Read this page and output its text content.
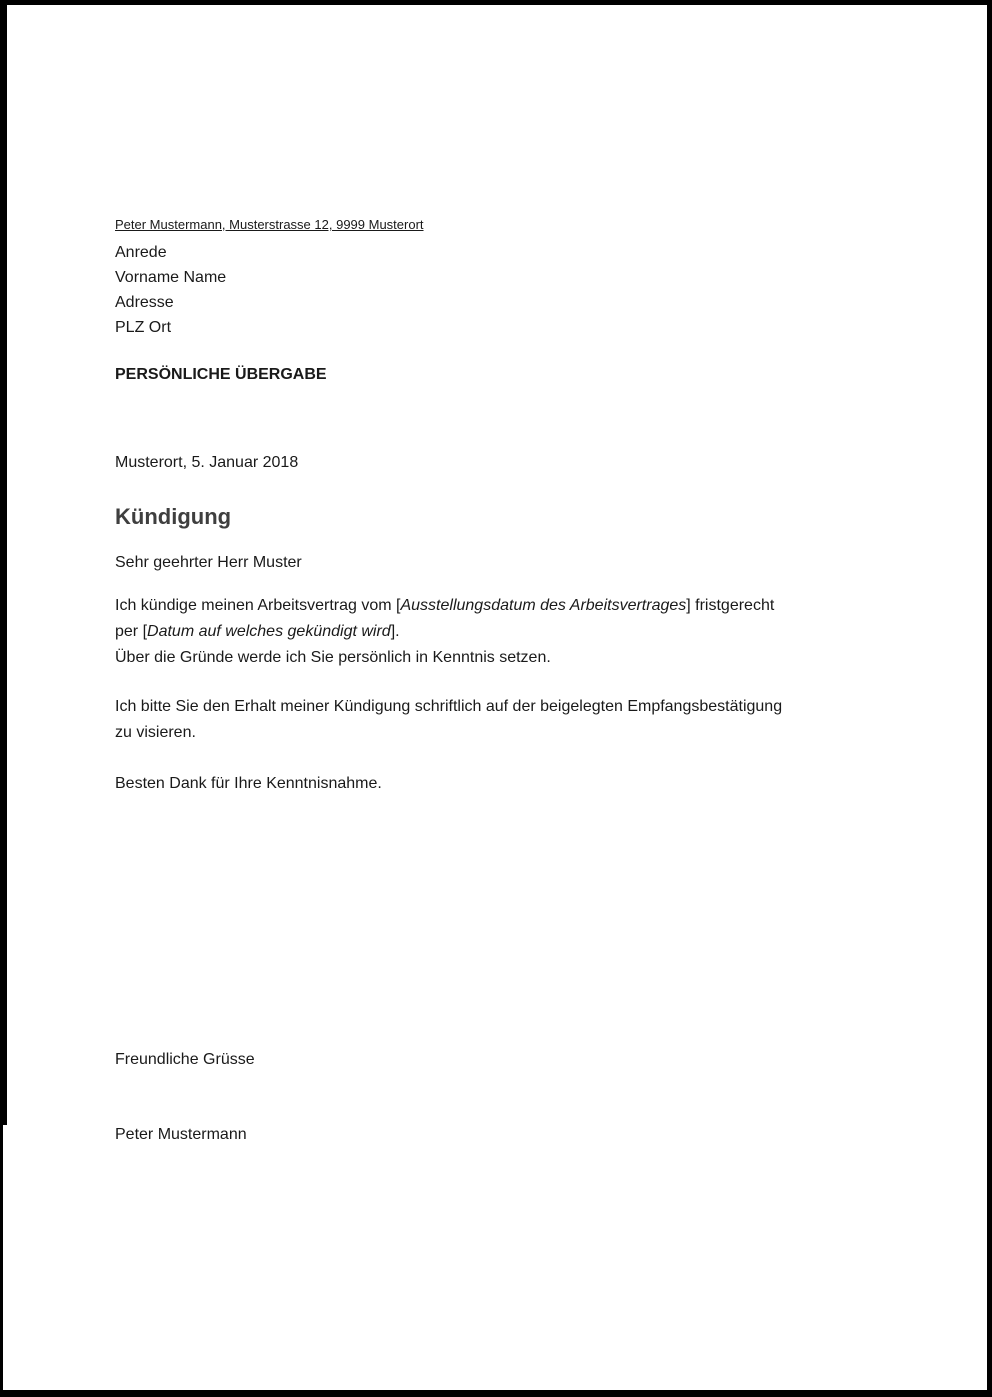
Peter Mustermann, Musterstrasse 12, 9999 Musterort
Anrede
Vorname Name
Adresse
PLZ Ort
PERSÖNLICHE ÜBERGABE
Musterort, 5. Januar 2018
Kündigung
Sehr geehrter Herr Muster

Ich kündige meinen Arbeitsvertrag vom [Ausstellungsdatum des Arbeitsvertrages] fristgerecht
per [Datum auf welches gekündigt wird].
Über die Gründe werde ich Sie persönlich in Kenntnis setzen.

Ich bitte Sie den Erhalt meiner Kündigung schriftlich auf der beigelegten Empfangsbestätigung
zu visieren.

Besten Dank für Ihre Kenntnisnahme.

Freundliche Grüsse
Peter Mustermann
